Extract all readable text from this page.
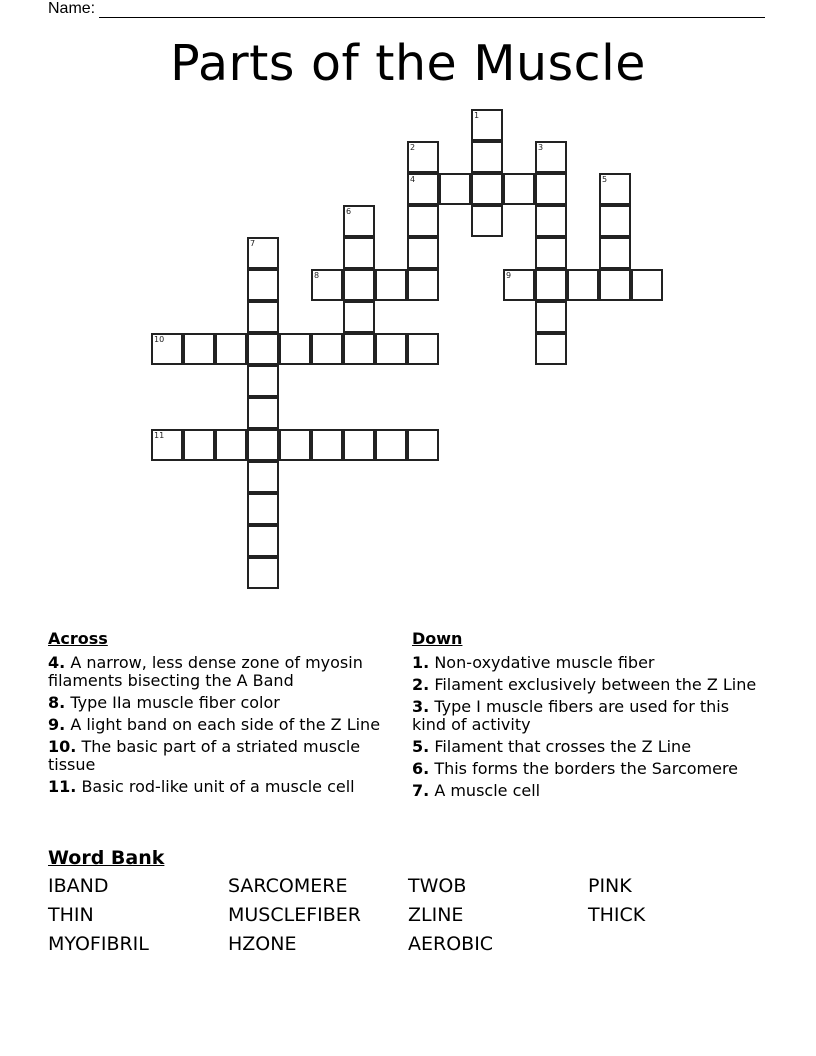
Name:
Parts of the Muscle
1
2
4
3
5
6
7
8	9
10
11
Across
4. A narrow, less dense zone of myosin filaments bisecting the A Band
8. Type IIa muscle fiber color
9. A light band on each side of the Z Line
10. The basic part of a striated muscle tissue
11. Basic rod-like unit of a muscle cell
Down
1. Non-oxydative muscle fiber
2. Filament exclusively between the Z Line
3. Type I muscle fibers are used for this kind of activity
5. Filament that crosses the Z Line
6. This forms the borders the Sarcomere
7. A muscle cell
Word Bank
IBAND	SARCOMERE	TWOB	PINK
THIN	MUSCLEFIBER	ZLINE	THICK
MYOFIBRIL	HZONE	AEROBIC
